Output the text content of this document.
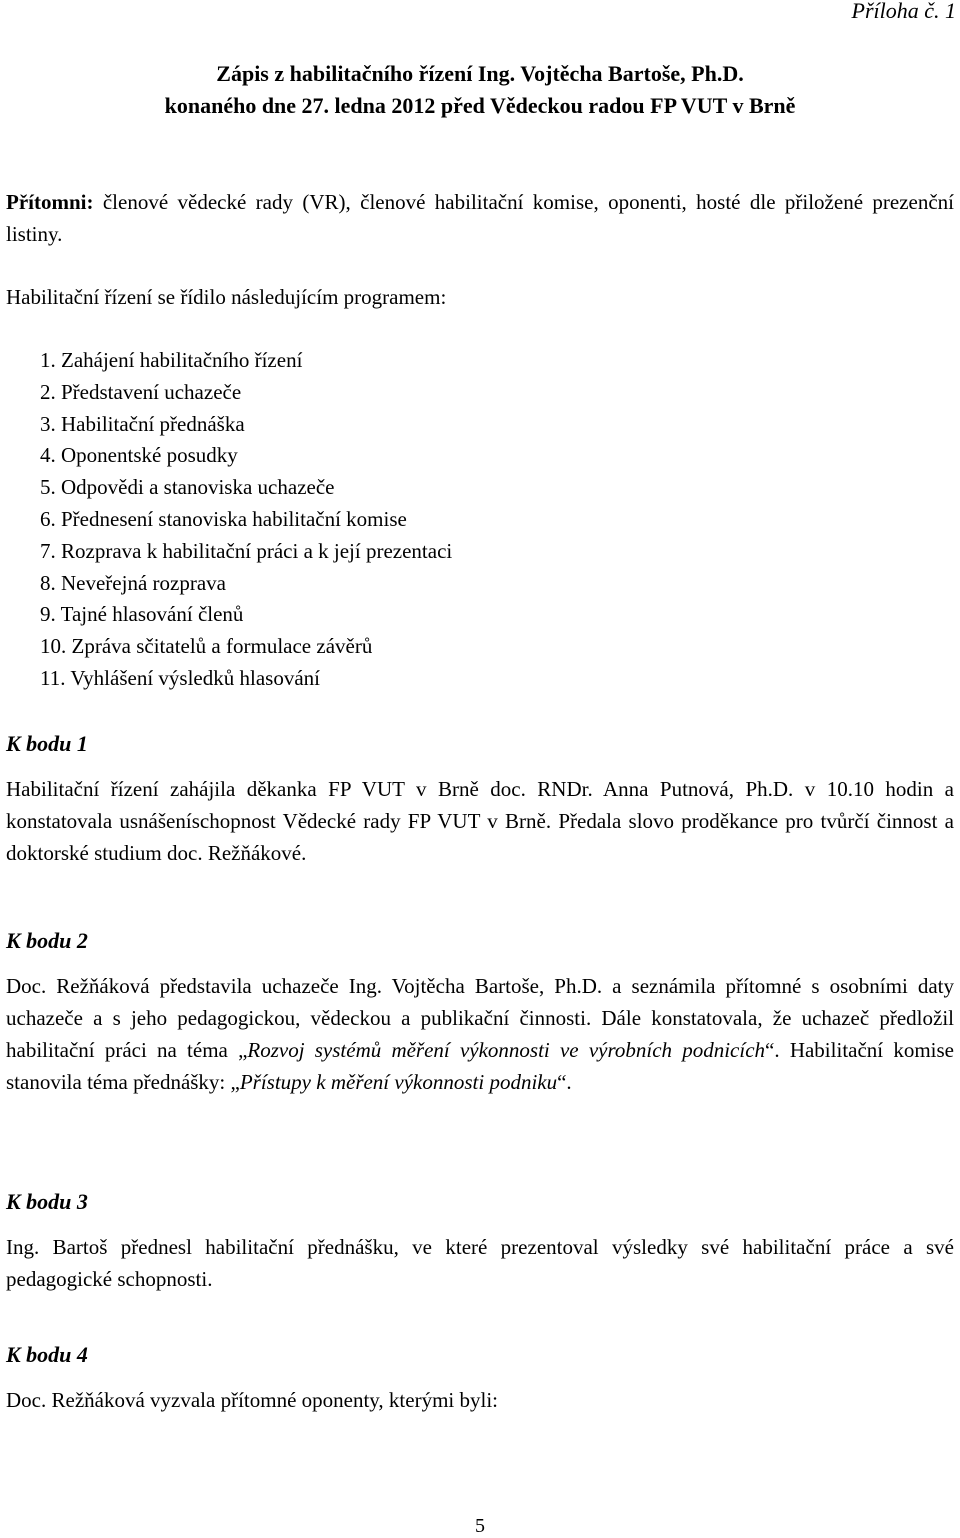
Příloha č. 1
Zápis z habilitačního řízení Ing. Vojtěcha Bartoše, Ph.D.
konaného dne 27. ledna 2012 před Vědeckou radou FP VUT v Brně
Přítomni: členové vědecké rady (VR), členové habilitační komise, oponenti, hosté dle přiložené prezenční listiny.
Habilitační řízení se řídilo následujícím programem:
1. Zahájení habilitačního řízení
2. Představení uchazeče
3. Habilitační přednáška
4. Oponentské posudky
5. Odpovědi a stanoviska uchazeče
6. Přednesení stanoviska habilitační komise
7. Rozprava k habilitační práci a k její prezentaci
8. Neveřejná rozprava
9. Tajné hlasování členů
10. Zpráva sčitatelů a formulace závěrů
11. Vyhlášení výsledků hlasování
K bodu 1
Habilitační řízení zahájila děkanka FP VUT v Brně doc. RNDr. Anna Putnová, Ph.D. v 10.10 hodin a konstatovala usnášeníschopnost Vědecké rady FP VUT v Brně. Předala slovo proděkance pro tvůrčí činnost a doktorské studium doc. Režňákové.
K bodu 2
Doc. Režňáková představila uchazeče Ing. Vojtěcha Bartoše, Ph.D. a seznámila přítomné s osobními daty uchazeče a s jeho pedagogickou, vědeckou a publikační činnosti. Dále konstatovala, že uchazeč předložil habilitační práci na téma „Rozvoj systémů měření výkonnosti ve výrobních podnicích“. Habilitační komise stanovila téma přednášky: „Přístupy k měření výkonnosti podniku“.
K bodu 3
Ing. Bartoš přednesl habilitační přednášku, ve které prezentoval výsledky své habilitační práce a své pedagogické schopnosti.
K bodu 4
Doc. Režňáková vyzvala přítomné oponenty, kterými byli:
5
